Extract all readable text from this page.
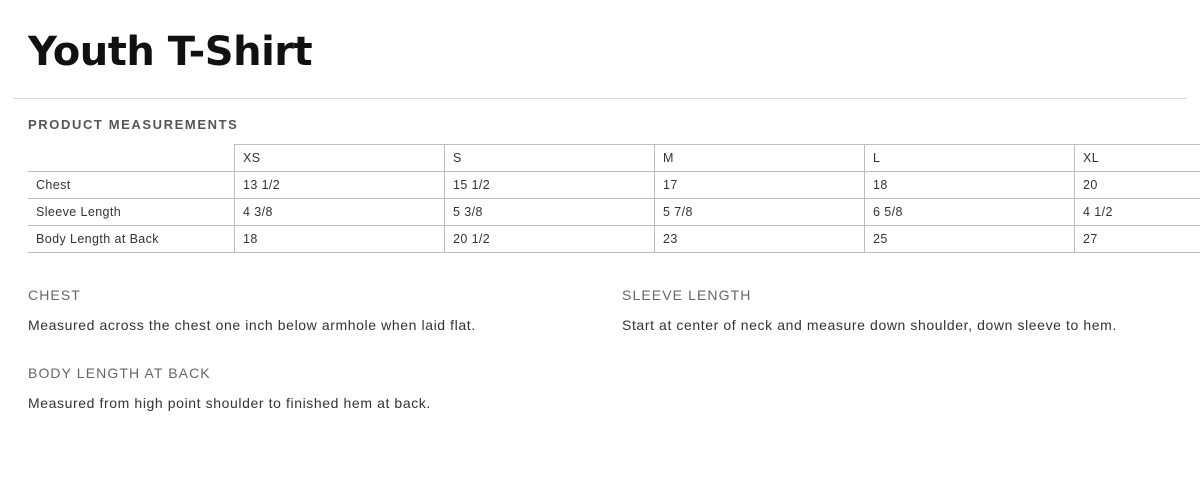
Youth T-Shirt
PRODUCT MEASUREMENTS
	XS	S	M	L	XL
Chest	13 1/2	15 1/2	17	18	20
Sleeve Length	4 3/8	5 3/8	5 7/8	6 5/8	4 1/2
Body Length at Back	18	20 1/2	23	25	27
CHEST

Measured across the chest one inch below armhole when laid flat.

SLEEVE LENGTH

Start at center of neck and measure down shoulder, down sleeve to hem.

BODY LENGTH AT BACK

Measured from high point shoulder to finished hem at back.
